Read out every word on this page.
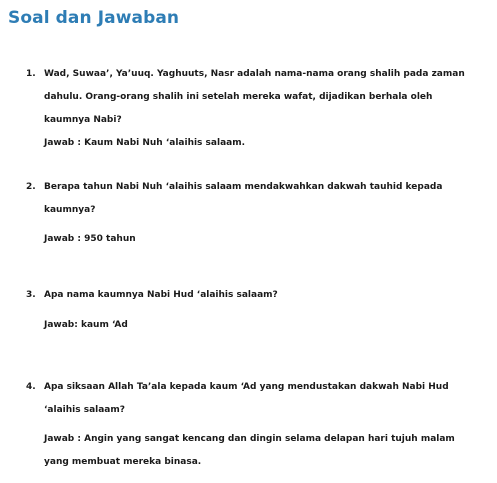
Soal dan Jawaban
1. Wad, Suwaa’, Ya’uuq. Yaghuuts, Nasr adalah nama-nama orang shalih pada zaman dahulu. Orang-orang shalih ini setelah mereka wafat, dijadikan berhala oleh kaumnya Nabi?
Jawab : Kaum Nabi Nuh ‘alaihis salaam.
2. Berapa tahun Nabi Nuh ‘alaihis salaam mendakwahkan dakwah tauhid kepada kaumnya?
Jawab : 950 tahun
3. Apa nama kaumnya Nabi Hud ‘alaihis salaam?
Jawab: kaum ‘Ad
4. Apa siksaan Allah Ta’ala kepada kaum ‘Ad yang mendustakan dakwah Nabi Hud ‘alaihis salaam?
Jawab : Angin yang sangat kencang dan dingin selama delapan hari tujuh malam yang membuat mereka binasa.
